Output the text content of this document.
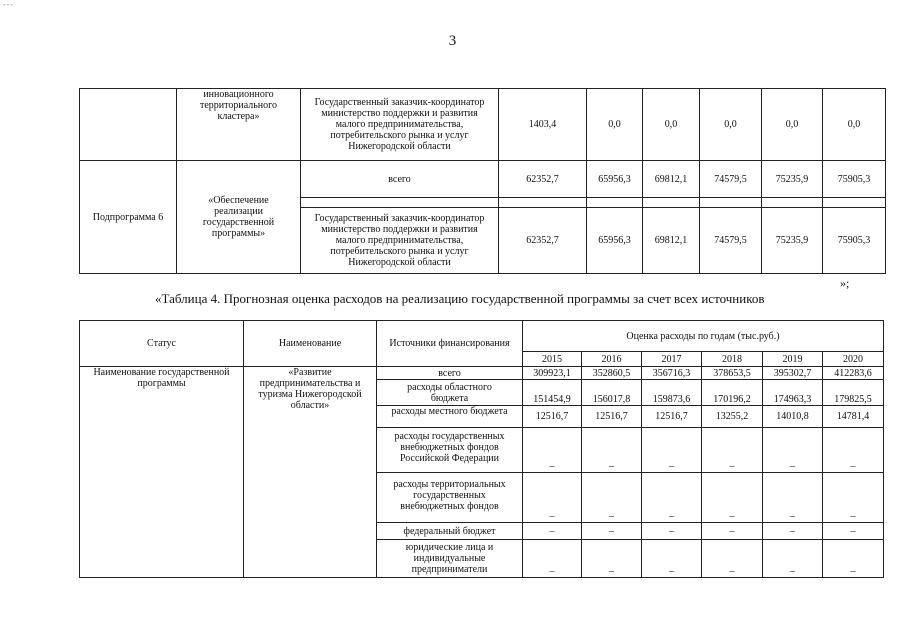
---
3
	инновационного
территориального
кластера»	Государственный заказчик-координатор
министерство поддержки и развития
малого предпринимательства,
потребительского рынка и услуг
Нижегородской области	1403,4	0,0	0,0	0,0	0,0	0,0
Подпрограмма 6	«Обеспечение
реализации
государственной
программы»	всего	62352,7	65956,3	69812,1	74579,5	75235,9	75905,3

		Государственный заказчик-координатор
министерство поддержки и развития
малого предпринимательства,
потребительского рынка и услуг
Нижегородской области	62352,7	65956,3	69812,1	74579,5	75235,9	75905,3
»;
«Таблица 4. Прогнозная оценка расходов на реализацию государственной программы за счет всех источников
Статус	Наименование	Источники финансирования	Оценка расходы по годам (тыс.руб.)					
			2015	2016	2017	2018	2019	2020
Наименование государственной
программы	«Развитие
предпринимательства и
туризма Нижегородской
области»	всего	309923,1	352860,5	356716,3	378653,5	395302,7	412283,6
		расходы областного
бюджета	151454,9	156017,8	159873,6	170196,2	174963,3	179825,5
		расходы местного бюджета	12516,7	12516,7	12516,7	13255,2	14010,8	14781,4
		расходы государственных
внебюджетных фондов
Российской Федерации	–	–	–	–	–	–
		расходы территориальных
государственных
внебюджетных фондов	–	–	–	–	–	–
		федеральный бюджет	–	–	–	–	–	–
		юридические лица и
индивидуальные
предприниматели	–	–	–	–	–	–
